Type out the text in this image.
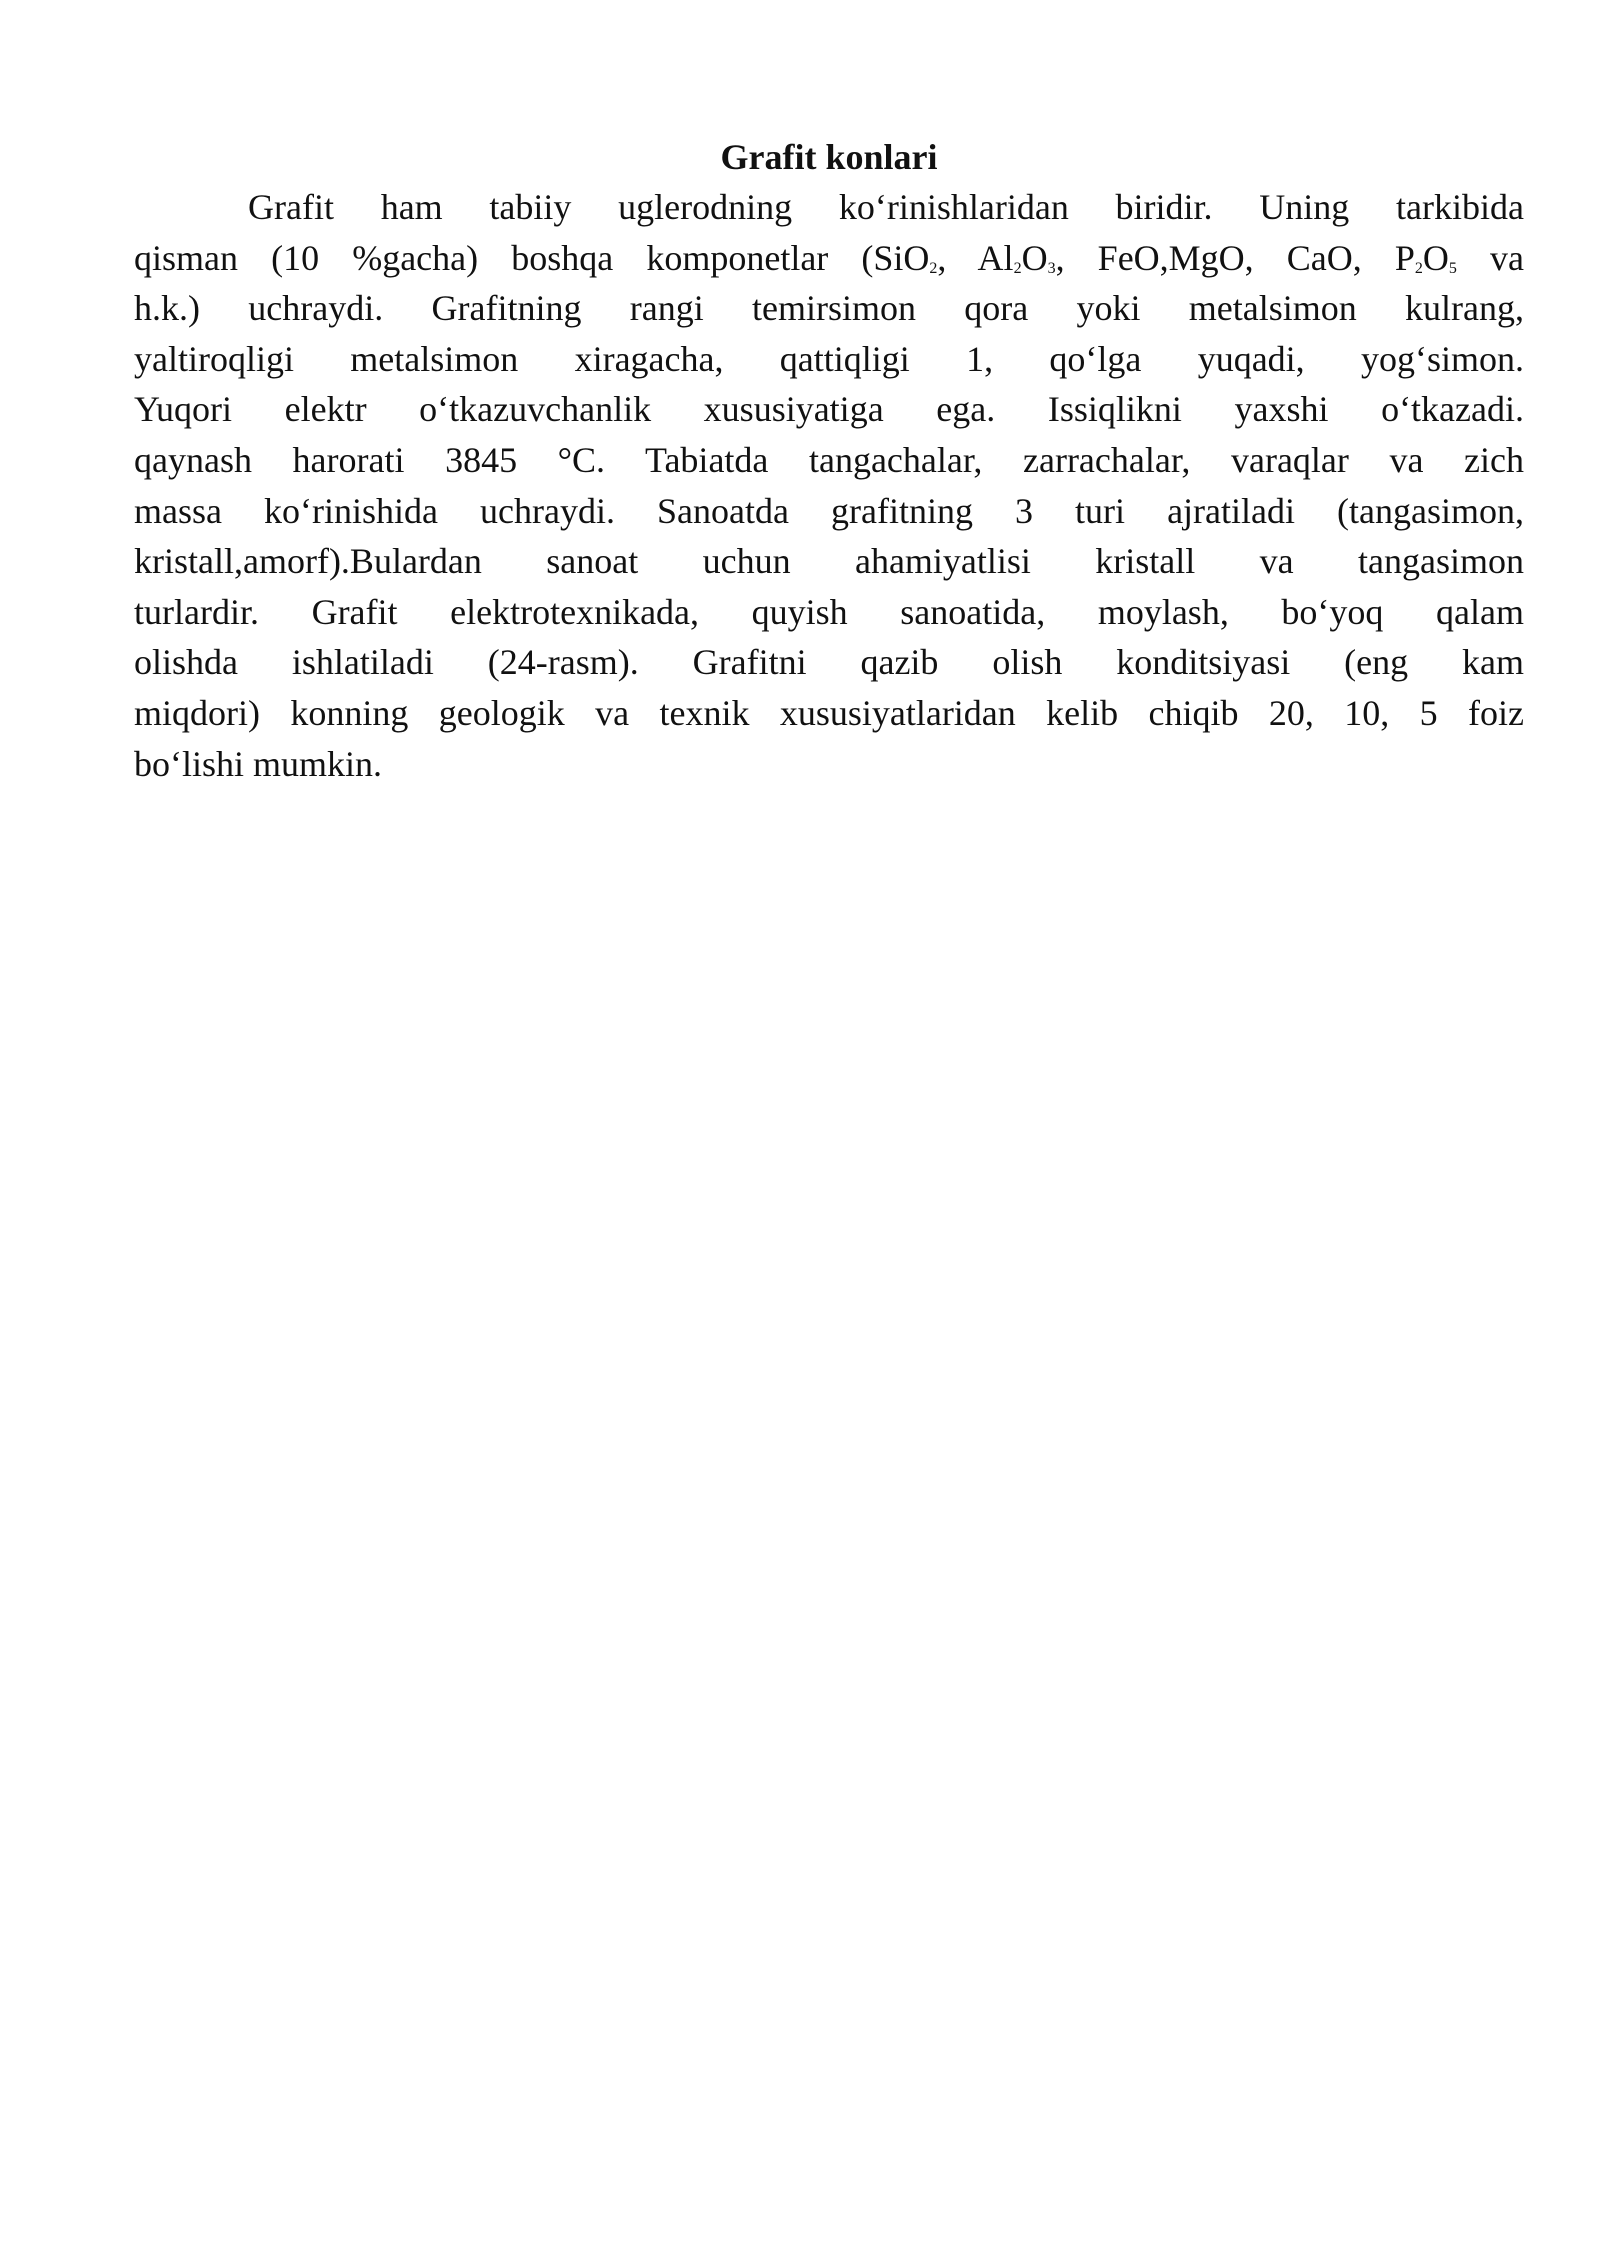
Grafit konlari
Grafit ham tabiiy uglerodning ko‘rinishlaridan biridir. Uning tarkibida
qisman (10 %gacha) boshqa komponetlar (SiO$_2$, $Al_2O_3$, FeO,MgO, CaO, $P_2O_5$ va
h.k.) uchraydi. Grafitning rangi temirsimon qora yoki metalsimon kulrang,
yaltiroqligi metalsimon xiragacha, qattiqligi 1, qo‘lga yuqadi, yog‘simon.
Yuqori elektr o‘tkazuvchanlik xususiyatiga ega. Issiqlikni yaxshi o‘tkazadi.
qaynash harorati 3845 °C. Tabiatda tangachalar, zarrachalar, varaqlar va zich
massa ko‘rinishida uchraydi. Sanoatda grafitning 3 turi ajratiladi (tangasimon,
kristall,amorf).Bulardan sanoat uchun ahamiyatlisi kristall va tangasimon
turlardir. Grafit elektrotexnikada, quyish sanoatida, moylash, bo‘yoq qalam
olishda ishlatiladi (24-rasm). Grafitni qazib olish konditsiyasi (eng kam
miqdori) konning geologik va texnik xususiyatlaridan kelib chiqib 20, 10, 5 foiz
bo‘lishi mumkin.
